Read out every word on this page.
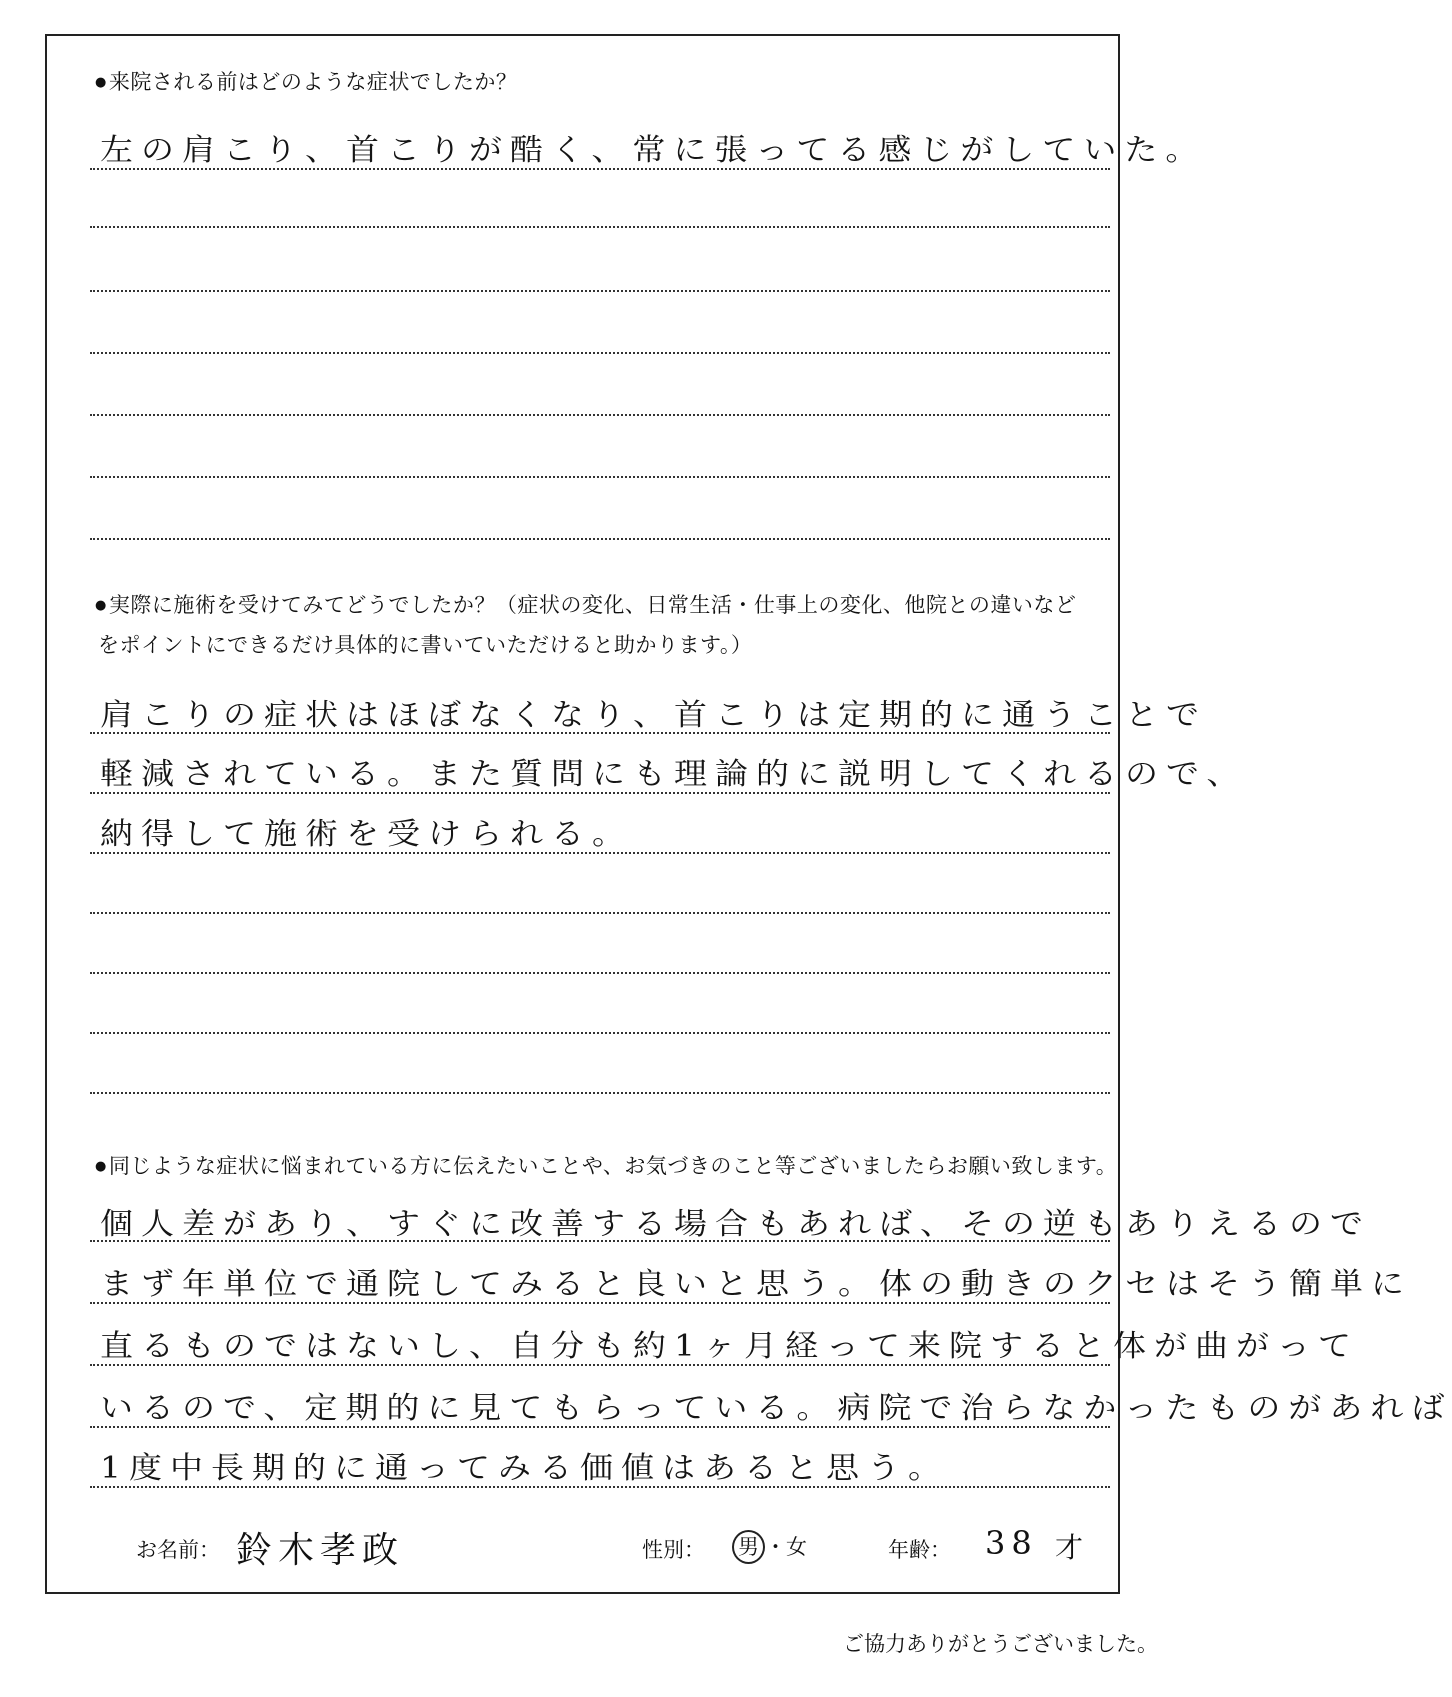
●来院される前はどのような症状でしたか？
左の肩こり、首こりが酷く、常に張ってる感じがしていた。
●実際に施術を受けてみてどうでしたか？（症状の変化、日常生活・仕事上の変化、他院との違いなど
をポイントにできるだけ具体的に書いていただけると助かります。）
肩こりの症状はほぼなくなり、首こりは定期的に通うことで
軽減されている。また質問にも理論的に説明してくれるので、
納得して施術を受けられる。
●同じような症状に悩まれている方に伝えたいことや、お気づきのこと等ございましたらお願い致します。
個人差があり、すぐに改善する場合もあれば、その逆もありえるので
まず年単位で通院してみると良いと思う。体の動きのクセはそう簡単に
直るものではないし、自分も約1ヶ月経って来院すると体が曲がって
いるので、定期的に見てもらっている。病院で治らなかったものがあれば
1度中長期的に通ってみる価値はあると思う。
お名前： 鈴木孝政	性別： 男 ・女	年齢： 38 才
ご協力ありがとうございました。
